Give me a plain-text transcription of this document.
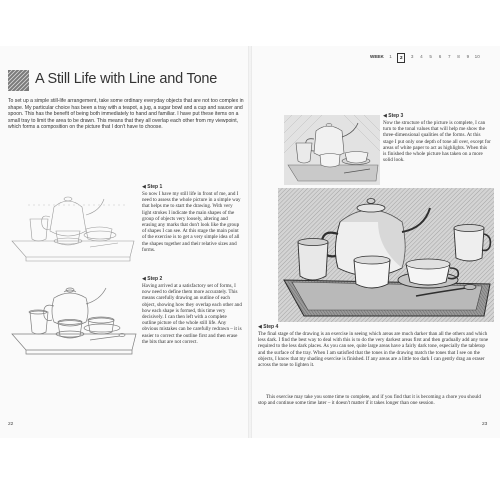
A Still Life with Line and Tone
To set up a simple still-life arrangement, take some ordinary everyday objects that are not too complex in shape. My particular choice has been a tray with a teapot, a jug, a sugar bowl and a cup and saucer and spoon. This has the benefit of being both immediately to hand and familiar. I have put these items on a small tray to limit the area to be drawn. This means that they all overlap each other from my viewpoint, which forms a composition on the picture that I don't have to choose.
◀ Step 1
So now I have my still life in front of me, and I need to assess the whole picture in a simple way that helps me to start the drawing. With very light strokes I indicate the main shapes of the group of objects very loosely, altering and erasing any marks that don't look like the group of shapes I can see. At this stage the main point of the exercise is to get a very simple idea of all the shapes together and their relative sizes and forms.
◀ Step 2
Having arrived at a satisfactory set of forms, I now need to define them more accurately. This means carefully drawing an outline of each object, showing how they overlap each other and how each shape is formed, this time very decisively. I can then left with a complete outline picture of the whole still life. Any obvious mistakes can be carefully redrawn – it is easier to correct the outline first and then erase the bits that are not correct.
22
WEEK 1	2	3 4 5 6 7 8 9 10
◀ Step 3
Now the structure of the picture is complete, I can turn to the tonal values that will help me show the three-dimensional qualities of the forms. At this stage I put only one depth of tone all over, except for areas of white paper to act as highlights. When this is finished the whole picture has taken on a more solid look.
◀ Step 4
The final stage of the drawing is an exercise in seeing which areas are much darker than all the others and which less dark. I find the best way to deal with this is to do the very darkest areas first and then gradually add any tone required to the less dark places. As you can see, quite large areas have a fairly dark tone, especially the tabletop and the surface of the tray. When I am satisfied that the tones in the drawing match the tones that I see on the objects, I know that my shading exercise is finished. If any areas are a little too dark I can gently drag an eraser across the tone to lighten it.
This exercise may take you some time to complete, and if you find that it is becoming a chore you should stop and continue some time later – it doesn't matter if it takes longer than one session.
23
